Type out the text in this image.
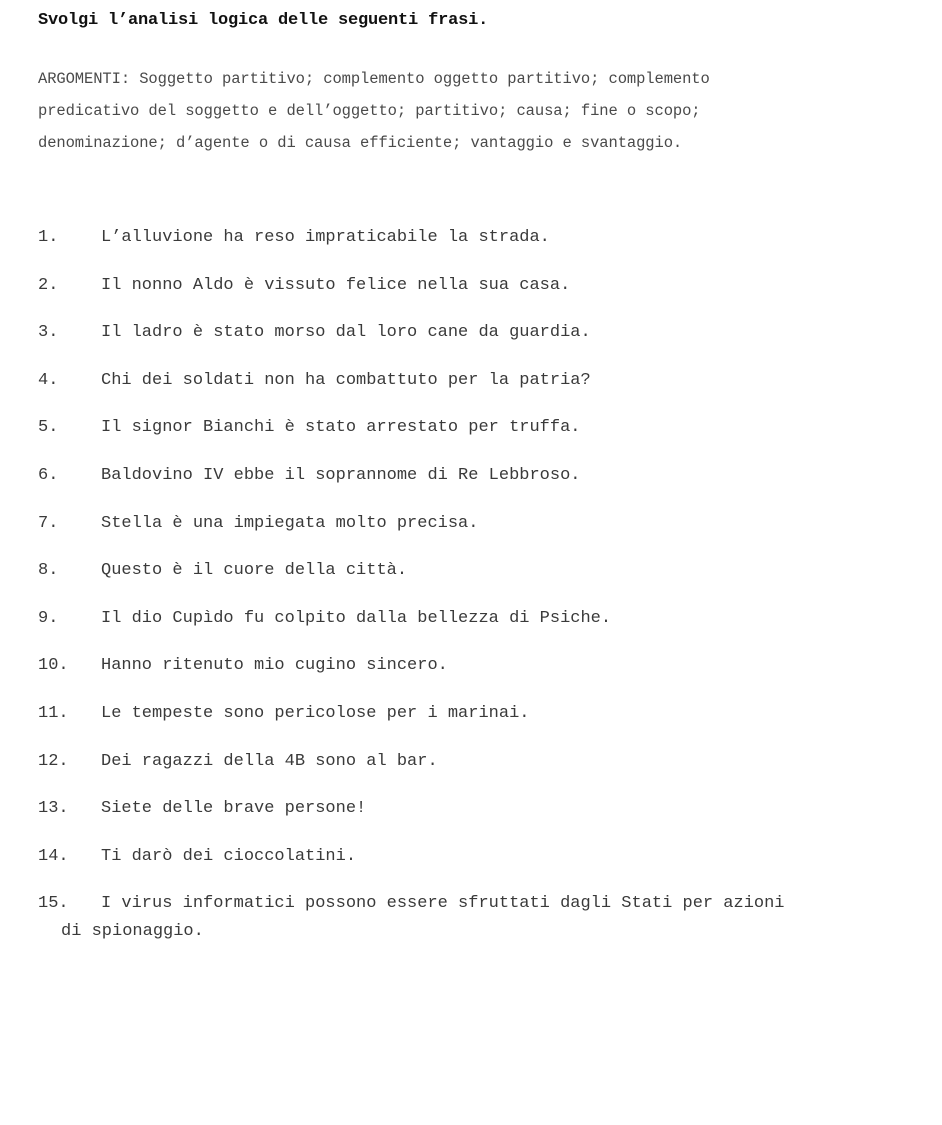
Svolgi l’analisi logica delle seguenti frasi.
ARGOMENTI: Soggetto partitivo; complemento oggetto partitivo; complemento
predicativo del soggetto e dell’oggetto; partitivo; causa; fine o scopo;
denominazione; d’agente o di causa efficiente; vantaggio e svantaggio.
1.	L’alluvione ha reso impraticabile la strada.
2.	Il nonno Aldo è vissuto felice nella sua casa.
3.	Il ladro è stato morso dal loro cane da guardia.
4.	Chi dei soldati non ha combattuto per la patria?
5.	Il signor Bianchi è stato arrestato per truffa.
6.	Baldovino IV ebbe il soprannome di Re Lebbroso.
7.	Stella è una impiegata molto precisa.
8.	Questo è il cuore della città.
9.	Il dio Cupìdo fu colpito dalla bellezza di Psiche.
10. Hanno ritenuto mio cugino sincero.
11. Le tempeste sono pericolose per i marinai.
12. Dei ragazzi della 4B sono al bar.
13. Siete delle brave persone!
14. Ti darò dei cioccolatini.
15. I virus informatici possono essere sfruttati dagli Stati per azioni
di spionaggio.
